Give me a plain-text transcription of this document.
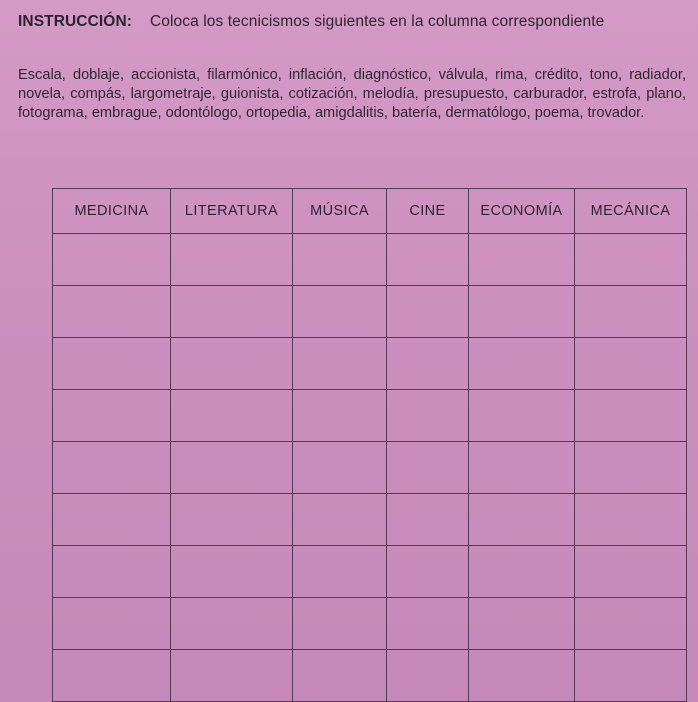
INSTRUCCIÓN: Coloca los tecnicismos siguientes en la columna correspondiente
Escala, doblaje, accionista, filarmónico, inflación, diagnóstico, válvula, rima, crédito, tono, radiador, novela, compás, largometraje, guionista, cotización, melodía, presupuesto, carburador, estrofa, plano, fotograma, embrague, odontólogo, ortopedia, amigdalitis, batería, dermatólogo, poema, trovador.
MEDICINA	LITERATURA	MÚSICA	CINE	ECONOMÍA	MECÁNICA
